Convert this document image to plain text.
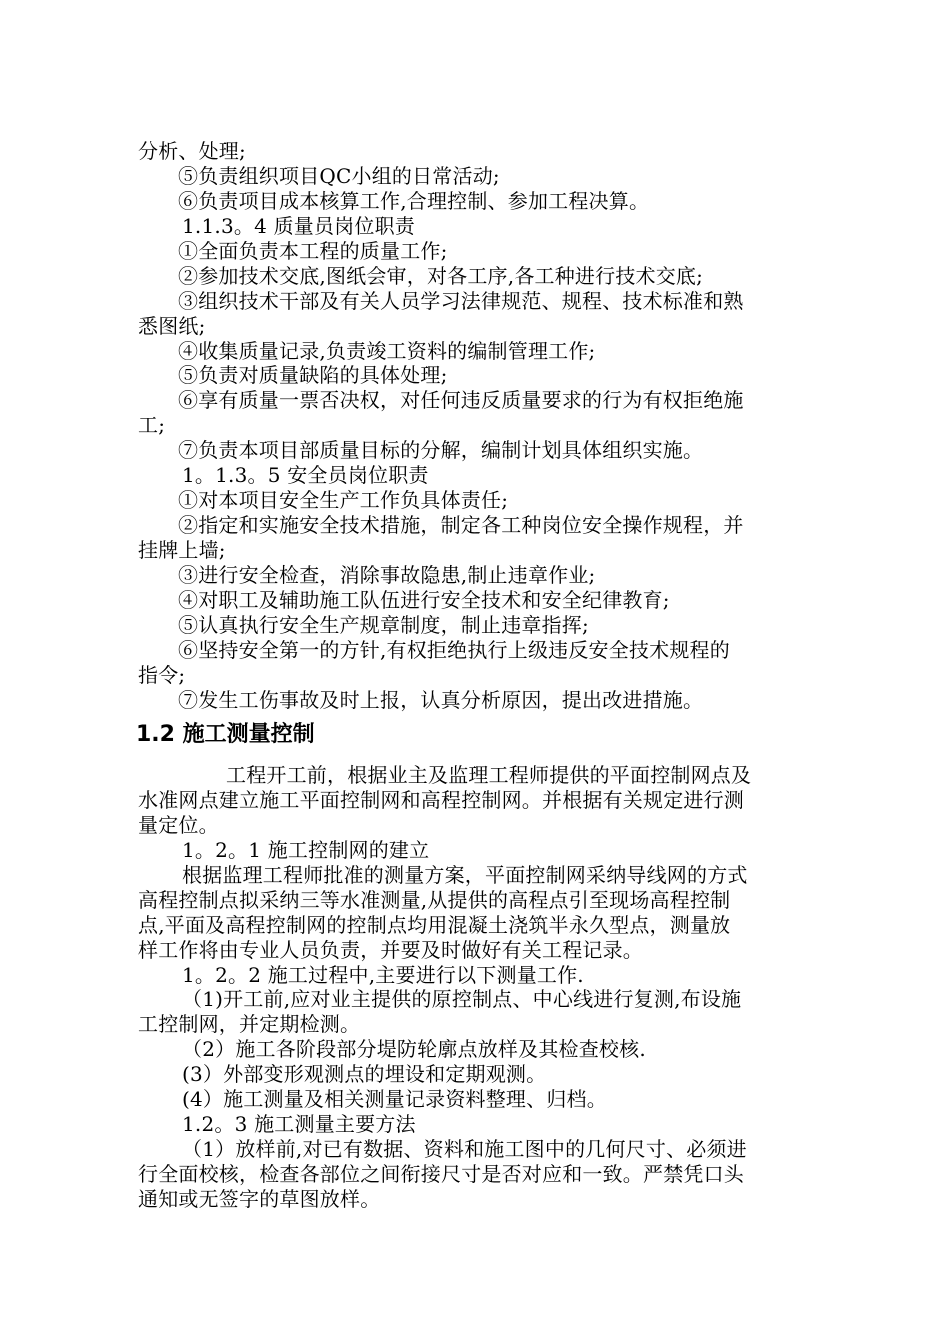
分析、处理;
⑤负责组织项目QC小组的日常活动;
⑥负责项目成本核算工作,合理控制、参加工程决算。
1.1.3。4 质量员岗位职责
①全面负责本工程的质量工作;
②参加技术交底,图纸会审，对各工序,各工种进行技术交底;
③组织技术干部及有关人员学习法律规范、规程、技术标准和熟
悉图纸;
④收集质量记录,负责竣工资料的编制管理工作;
⑤负责对质量缺陷的具体处理;
⑥享有质量一票否决权，对任何违反质量要求的行为有权拒绝施
工;
⑦负责本项目部质量目标的分解，编制计划具体组织实施。
1。1.3。5 安全员岗位职责
①对本项目安全生产工作负具体责任;
②指定和实施安全技术措施，制定各工种岗位安全操作规程，并
挂牌上墙;
③进行安全检查，消除事故隐患,制止违章作业;
④对职工及辅助施工队伍进行安全技术和安全纪律教育;
⑤认真执行安全生产规章制度，制止违章指挥;
⑥坚持安全第一的方针,有权拒绝执行上级违反安全技术规程的
指令;
⑦发生工伤事故及时上报，认真分析原因，提出改进措施。
1.2 施工测量控制
工程开工前，根据业主及监理工程师提供的平面控制网点及
水准网点建立施工平面控制网和高程控制网。并根据有关规定进行测
量定位。
1。2。1 施工控制网的建立
根据监理工程师批准的测量方案，平面控制网采纳导线网的方式
高程控制点拟采纳三等水准测量,从提供的高程点引至现场高程控制
点,平面及高程控制网的控制点均用混凝土浇筑半永久型点，测量放
样工作将由专业人员负责，并要及时做好有关工程记录。
1。2。2 施工过程中,主要进行以下测量工作.
（1)开工前,应对业主提供的原控制点、中心线进行复测,布设施
工控制网，并定期检测。
（2）施工各阶段部分堤防轮廓点放样及其检查校核.
(3）外部变形观测点的埋设和定期观测。
(4）施工测量及相关测量记录资料整理、归档。
1.2。3 施工测量主要方法
（1）放样前,对已有数据、资料和施工图中的几何尺寸、必须进
行全面校核，检查各部位之间衔接尺寸是否对应和一致。严禁凭口头
通知或无签字的草图放样。
